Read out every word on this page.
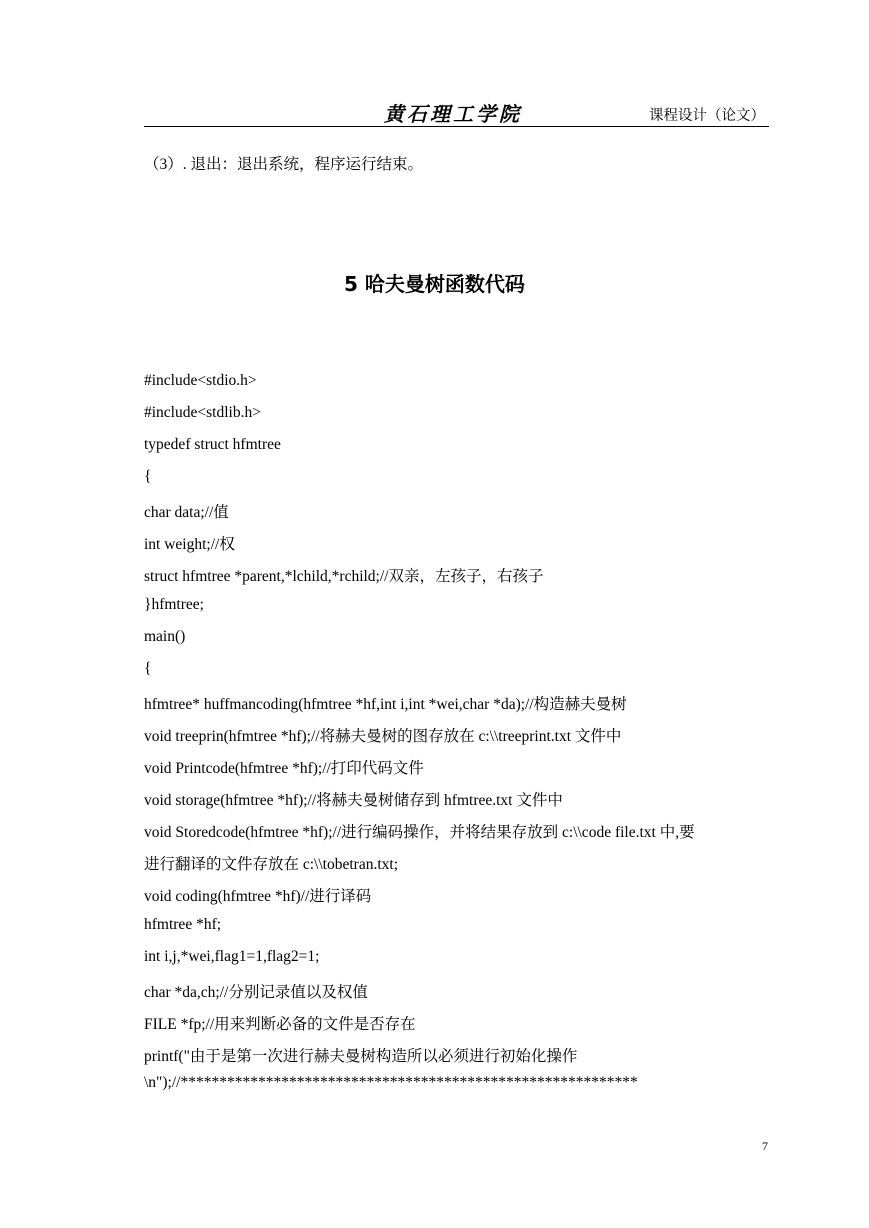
黄石理工学院	课程设计（论文）
（3）. 退出：退出系统，程序运行结束。
5 哈夫曼树函数代码
#include<stdio.h>
#include<stdlib.h>
typedef struct hfmtree
{
char data;//值
int weight;//权
struct hfmtree *parent,*lchild,*rchild;//双亲，左孩子，右孩子
}hfmtree;
main()
{
hfmtree* huffmancoding(hfmtree *hf,int i,int *wei,char *da);//构造赫夫曼树
void treeprin(hfmtree *hf);//将赫夫曼树的图存放在 c:\\treeprint.txt 文件中
void Printcode(hfmtree *hf);//打印代码文件
void storage(hfmtree *hf);//将赫夫曼树储存到 hfmtree.txt 文件中
void Storedcode(hfmtree *hf);//进行编码操作，并将结果存放到 c:\\code file.txt 中,要
进行翻译的文件存放在 c:\\tobetran.txt;
void coding(hfmtree *hf)//进行译码
hfmtree *hf;
int i,j,*wei,flag1=1,flag2=1;
char *da,ch;//分别记录值以及权值
FILE *fp;//用来判断必备的文件是否存在
printf("由于是第一次进行赫夫曼树构造所以必须进行初始化操作
\n");//***********************************************************
7
